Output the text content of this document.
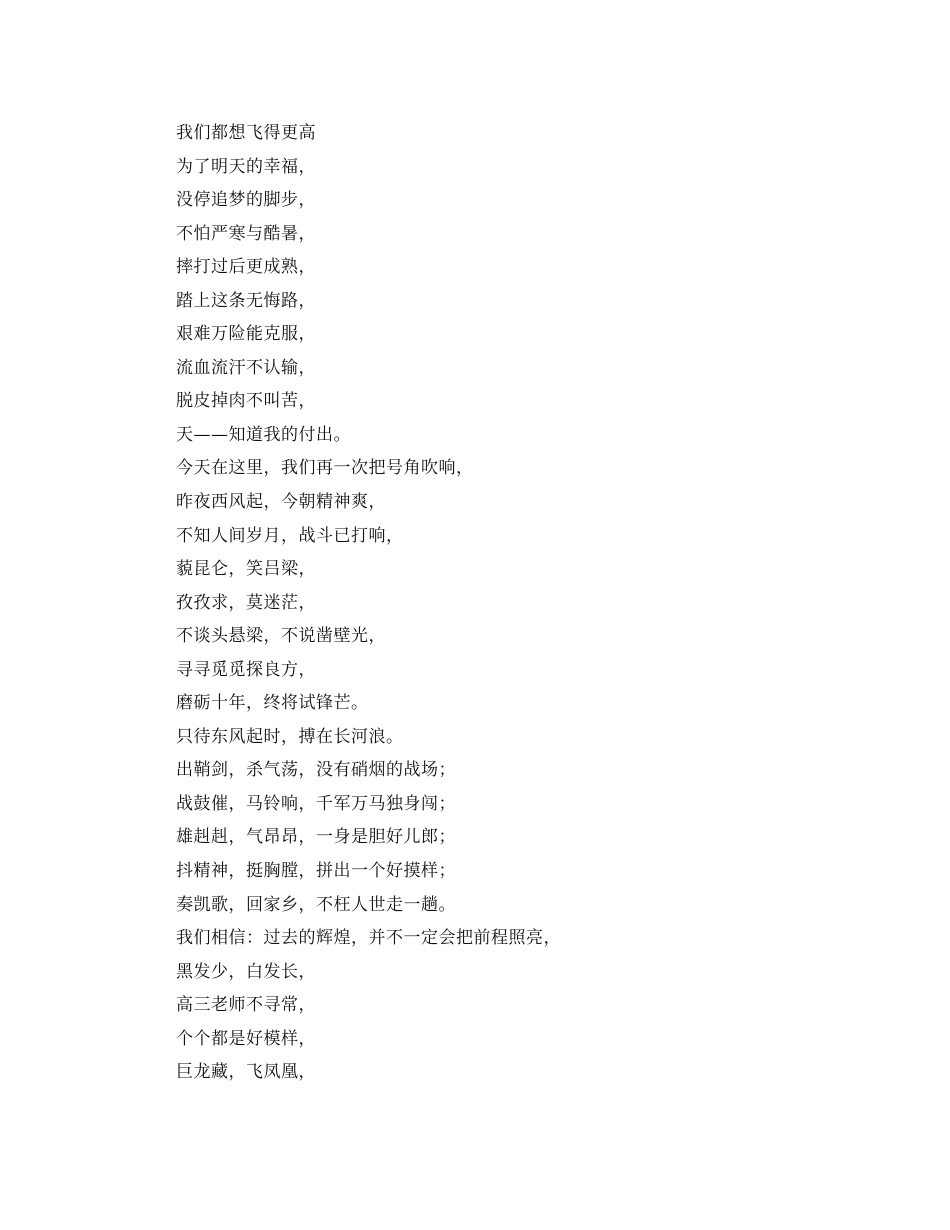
我们都想飞得更高
为了明天的幸福，
没停追梦的脚步，
不怕严寒与酷暑，
摔打过后更成熟，
踏上这条无悔路，
艰难万险能克服，
流血流汗不认输，
脱皮掉肉不叫苦，
天——知道我的付出。
今天在这里，我们再一次把号角吹响，
昨夜西风起，今朝精神爽，
不知人间岁月，战斗已打响，
藐昆仑，笑吕梁，
孜孜求，莫迷茫，
不谈头悬梁，不说凿壁光，
寻寻觅觅探良方，
磨砺十年，终将试锋芒。
只待东风起时，搏在长河浪。
出鞘剑，杀气荡，没有硝烟的战场；
战鼓催，马铃响，千军万马独身闯；
雄赳赳，气昂昂，一身是胆好儿郎；
抖精神，挺胸膛，拼出一个好摸样；
奏凯歌，回家乡，不枉人世走一趟。
我们相信：过去的辉煌，并不一定会把前程照亮，
黑发少，白发长，
高三老师不寻常，
个个都是好模样，
巨龙藏，飞凤凰，
